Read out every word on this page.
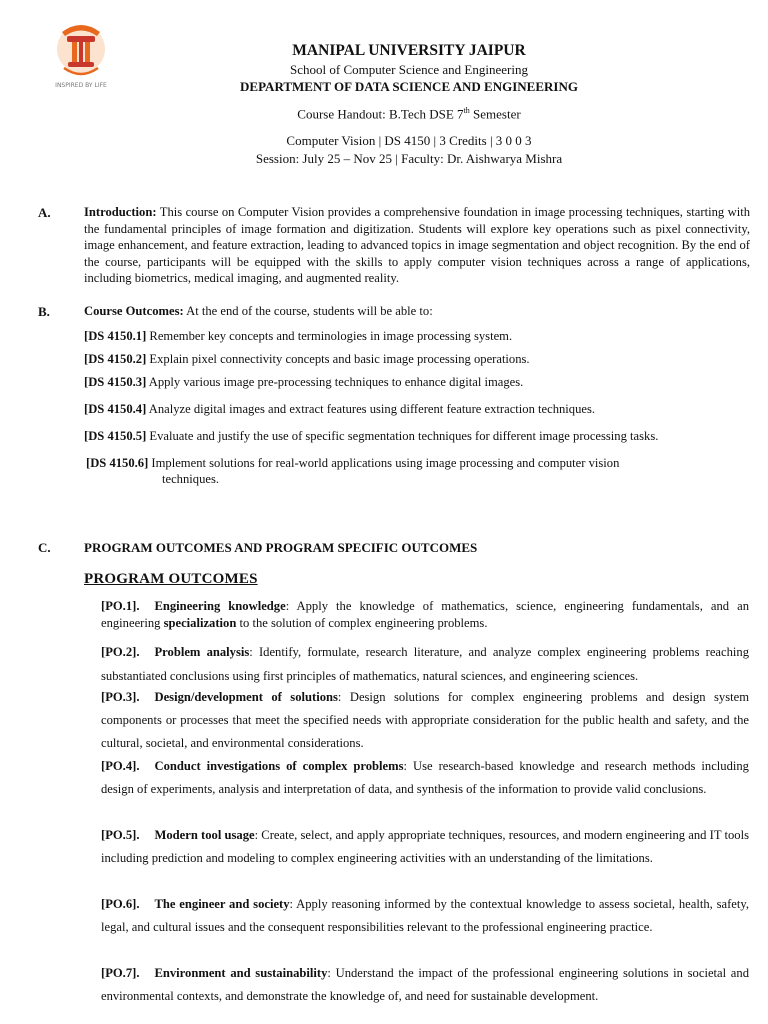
INSPIRED BY LIFE
MANIPAL UNIVERSITY JAIPUR
School of Computer Science and Engineering
DEPARTMENT OF DATA SCIENCE AND ENGINEERING
Course Handout: B.Tech DSE 7th Semester
Computer Vision | DS 4150 | 3 Credits | 3 0 0 3
Session: July 25 – Nov 25 | Faculty: Dr. Aishwarya Mishra
A.	Introduction: This course on Computer Vision provides a comprehensive foundation in image processing techniques, starting with the fundamental principles of image formation and digitization. Students will explore key operations such as pixel connectivity, image enhancement, and feature extraction, leading to advanced topics in image segmentation and object recognition. By the end of the course, participants will be equipped with the skills to apply computer vision techniques across a range of applications, including biometrics, medical imaging, and augmented reality.
B.	Course Outcomes: At the end of the course, students will be able to:
[DS 4150.1] Remember key concepts and terminologies in image processing system.
[DS 4150.2] Explain pixel connectivity concepts and basic image processing operations.
[DS 4150.3] Apply various image pre-processing techniques to enhance digital images.
[DS 4150.4] Analyze digital images and extract features using different feature extraction techniques.
[DS 4150.5] Evaluate and justify the use of specific segmentation techniques for different image processing tasks.
[DS 4150.6] Implement solutions for real-world applications using image processing and computer vision
techniques.
C.	PROGRAM OUTCOMES AND PROGRAM SPECIFIC OUTCOMES
PROGRAM OUTCOMES
[PO.1]. Engineering knowledge: Apply the knowledge of mathematics, science, engineering fundamentals, and an engineering specialization to the solution of complex engineering problems.
[PO.2]. Problem analysis: Identify, formulate, research literature, and analyze complex engineering problems reaching substantiated conclusions using first principles of mathematics, natural sciences, and engineering sciences.
[PO.3]. Design/development of solutions: Design solutions for complex engineering problems and design system components or processes that meet the specified needs with appropriate consideration for the public health and safety, and the cultural, societal, and environmental considerations.
[PO.4]. Conduct investigations of complex problems: Use research-based knowledge and research methods including design of experiments, analysis and interpretation of data, and synthesis of the information to provide valid conclusions.
[PO.5]. Modern tool usage: Create, select, and apply appropriate techniques, resources, and modern engineering and IT tools including prediction and modeling to complex engineering activities with an understanding of the limitations.
[PO.6]. The engineer and society: Apply reasoning informed by the contextual knowledge to assess societal, health, safety, legal, and cultural issues and the consequent responsibilities relevant to the professional engineering practice.
[PO.7]. Environment and sustainability: Understand the impact of the professional engineering solutions in societal and environmental contexts, and demonstrate the knowledge of, and need for sustainable development.
